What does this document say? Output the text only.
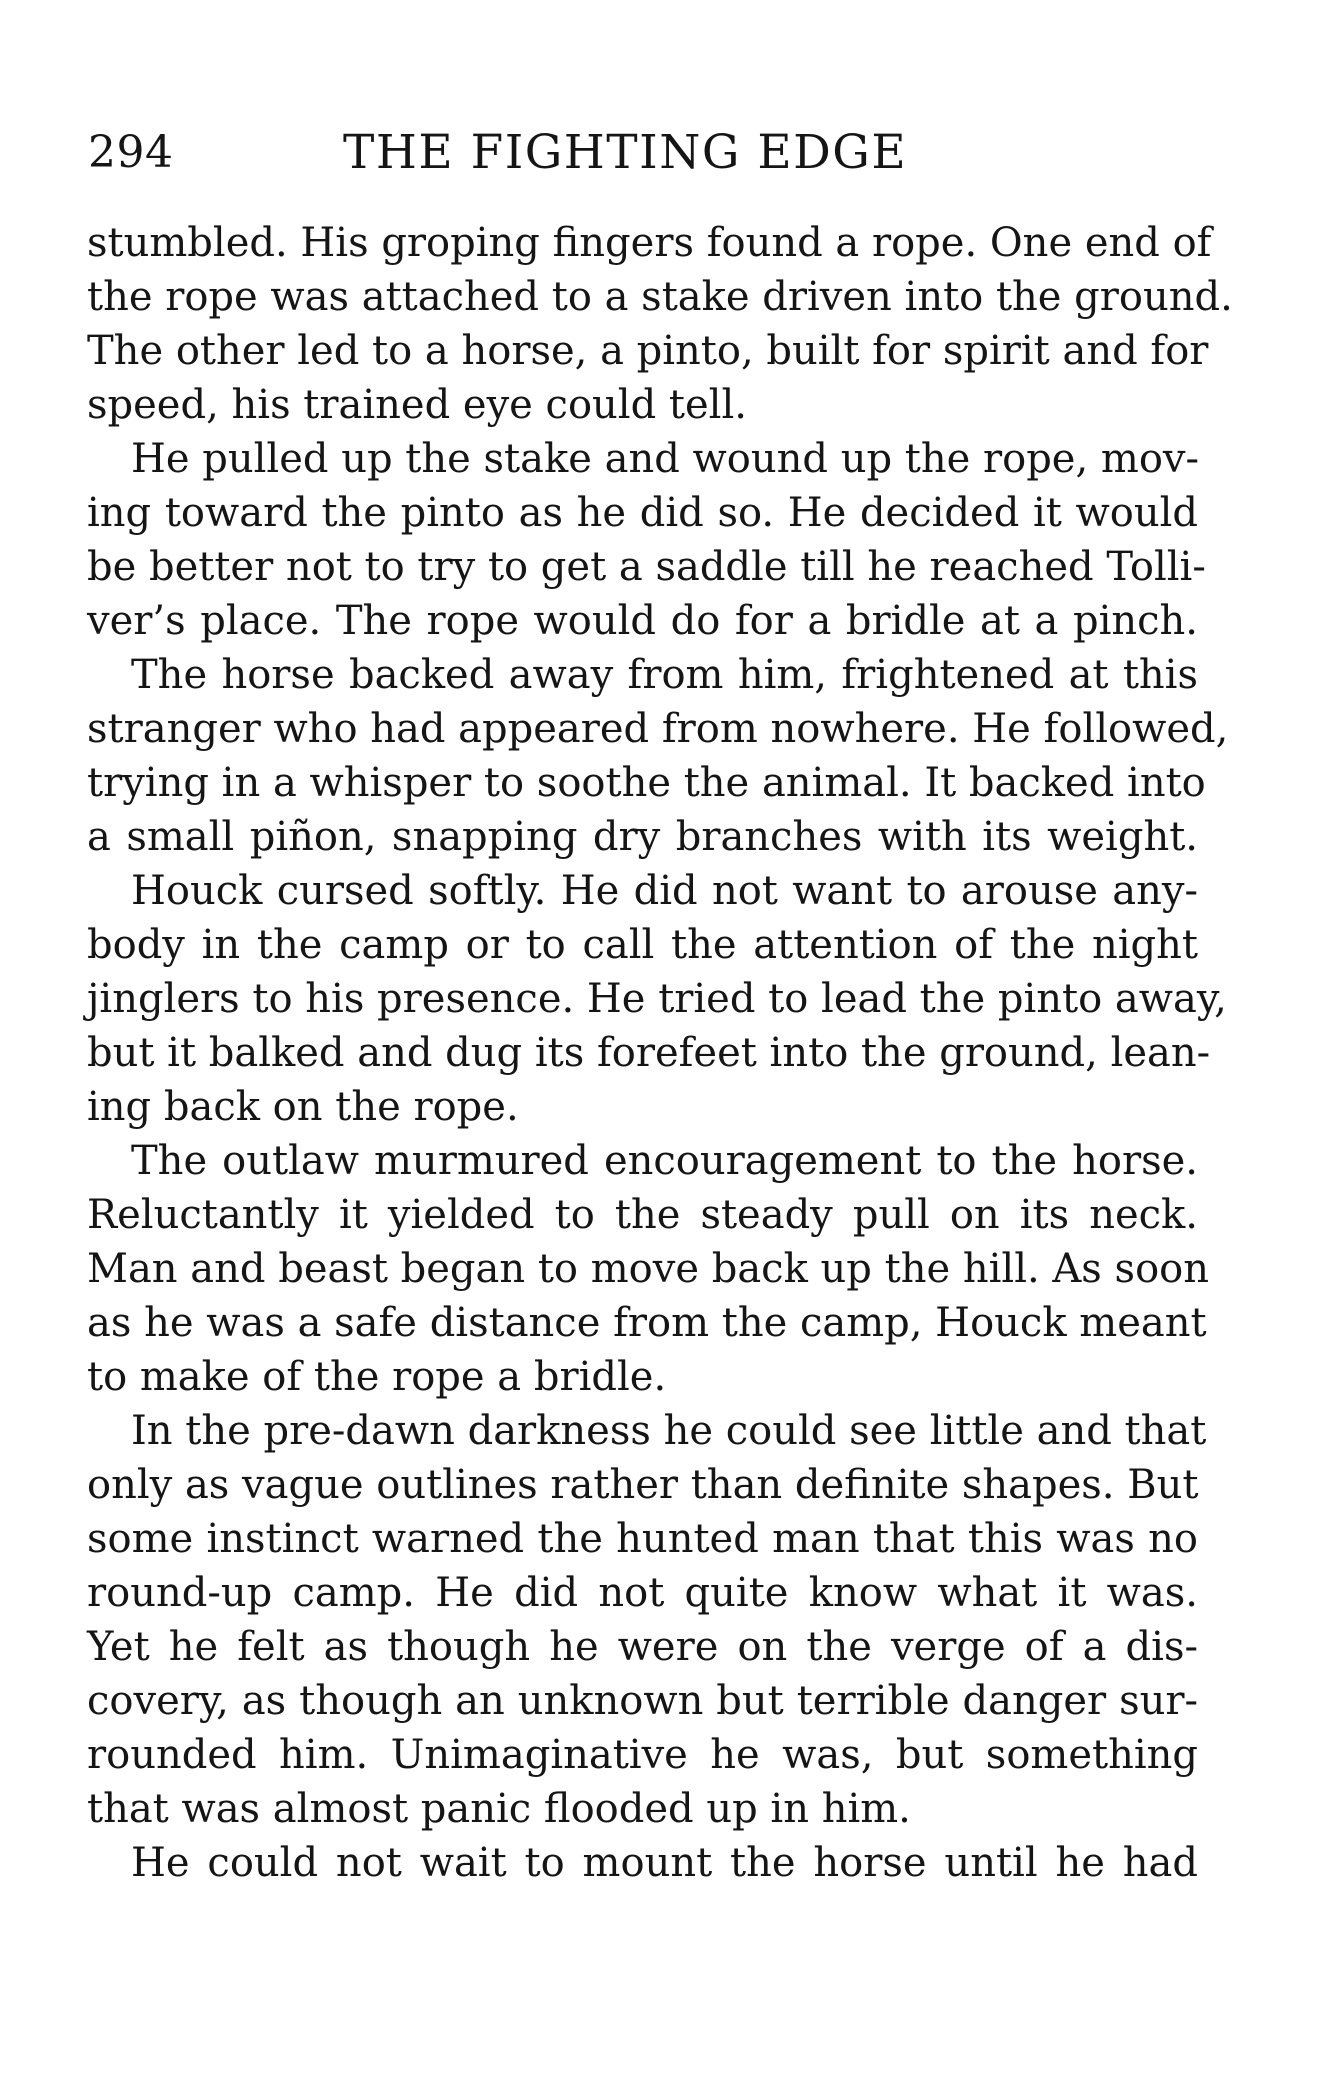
294	THE FIGHTING EDGE
stumbled. His groping fingers found a rope. One end of
the rope was attached to a stake driven into the ground.
The other led to a horse, a pinto, built for spirit and for
speed, his trained eye could tell.
He pulled up the stake and wound up the rope, mov-
ing toward the pinto as he did so. He decided it would
be better not to try to get a saddle till he reached Tolli-
ver’s place. The rope would do for a bridle at a pinch.
The horse backed away from him, frightened at this
stranger who had appeared from nowhere. He followed,
trying in a whisper to soothe the animal. It backed into
a small piñon, snapping dry branches with its weight.
Houck cursed softly. He did not want to arouse any-
body in the camp or to call the attention of the night
jinglers to his presence. He tried to lead the pinto away,
but it balked and dug its forefeet into the ground, lean-
ing back on the rope.
The outlaw murmured encouragement to the horse.
Reluctantly it yielded to the steady pull on its neck.
Man and beast began to move back up the hill. As soon
as he was a safe distance from the camp, Houck meant
to make of the rope a bridle.
In the pre-dawn darkness he could see little and that
only as vague outlines rather than definite shapes. But
some instinct warned the hunted man that this was no
round-up camp. He did not quite know what it was.
Yet he felt as though he were on the verge of a dis-
covery, as though an unknown but terrible danger sur-
rounded him. Unimaginative he was, but something
that was almost panic flooded up in him.
He could not wait to mount the horse until he had
